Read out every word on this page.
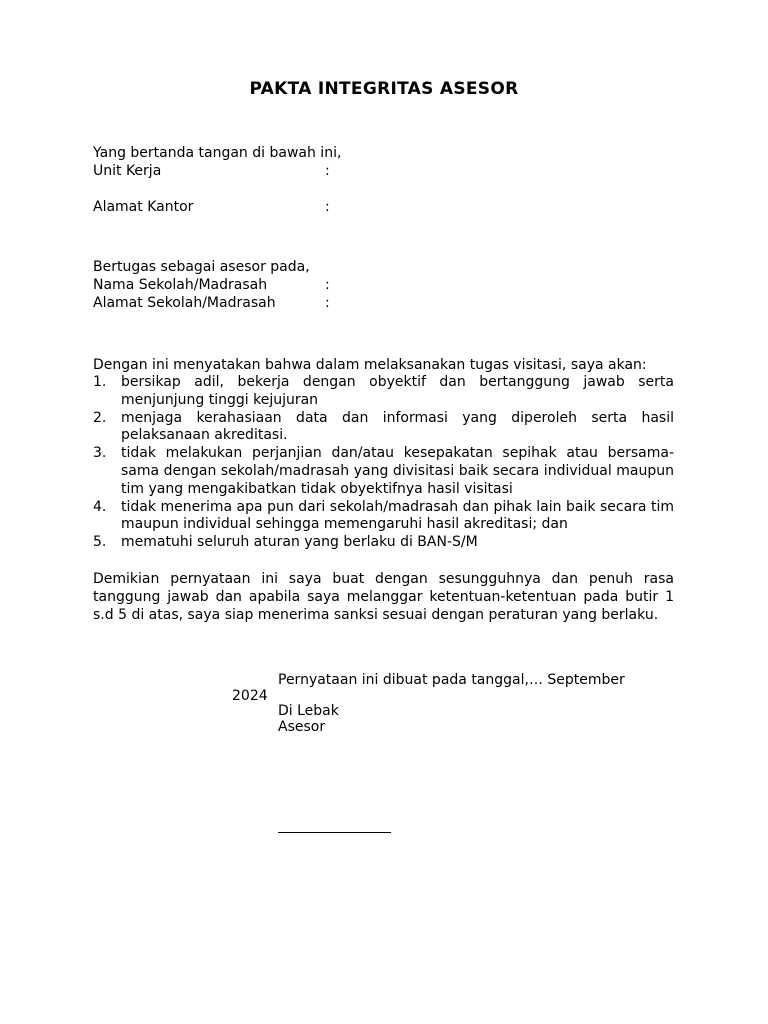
PAKTA INTEGRITAS ASESOR
Yang bertanda tangan di bawah ini,
Unit Kerja	:
Alamat Kantor	:
Bertugas sebagai asesor pada,
Nama Sekolah/Madrasah	:
Alamat Sekolah/Madrasah	:
Dengan ini menyatakan bahwa dalam melaksanakan tugas visitasi, saya akan:
1. bersikap adil, bekerja dengan obyektif dan bertanggung jawab serta menjunjung tinggi kejujuran
2. menjaga kerahasiaan data dan informasi yang diperoleh serta hasil pelaksanaan akreditasi.
3. tidak melakukan perjanjian dan/atau kesepakatan sepihak atau bersama-sama dengan sekolah/madrasah yang divisitasi baik secara individual maupun tim yang mengakibatkan tidak obyektifnya hasil visitasi
4. tidak menerima apa pun dari sekolah/madrasah dan pihak lain baik secara tim maupun individual sehingga memengaruhi hasil akreditasi; dan
5. mematuhi seluruh aturan yang berlaku di BAN-S/M
Demikian pernyataan ini saya buat dengan sesungguhnya dan penuh rasa tanggung jawab dan apabila saya melanggar ketentuan-ketentuan pada butir 1 s.d 5 di atas, saya siap menerima sanksi sesuai dengan peraturan yang berlaku.
Pernyataan ini dibuat pada tanggal,… September
2024
Di Lebak
Asesor
